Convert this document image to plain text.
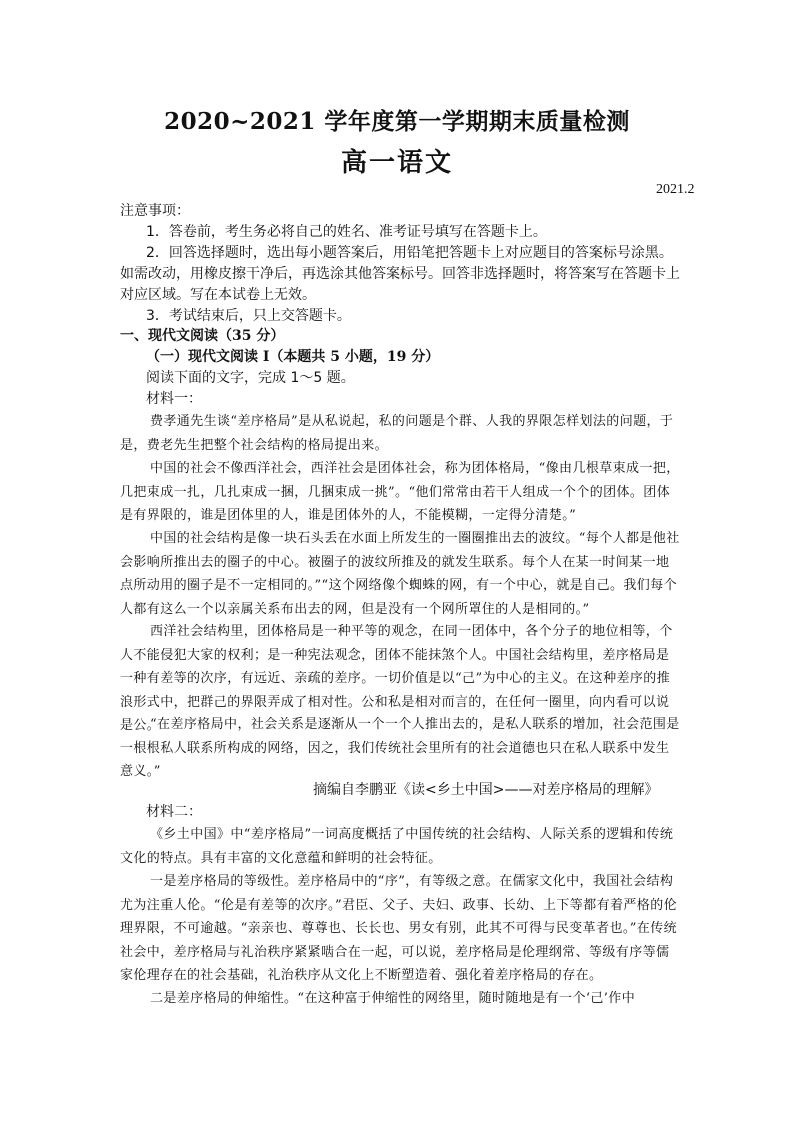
2020~2021 学年度第一学期期末质量检测
高一语文
2021.2
注意事项：

1．答卷前，考生务必将自己的姓名、准考证号填写在答题卡上。

2．回答选择题时，选出每小题答案后，用铅笔把答题卡上对应题目的答案标号涂黑。如需改动，用橡皮擦干净后，再选涂其他答案标号。回答非选择题时，将答案写在答题卡上对应区域。写在本试卷上无效。

3．考试结束后，只上交答题卡。

一、现代文阅读（35 分）
（一）现代文阅读 I（本题共 5 小题，19 分）
阅读下面的文字，完成 1～5 题。
材料一：

费孝通先生谈“差序格局”是从私说起，私的问题是个群、人我的界限怎样划法的问题，于是，费老先生把整个社会结构的格局提出来。

中国的社会不像西洋社会，西洋社会是团体社会，称为团体格局，“像由几根草束成一把，几把束成一扎，几扎束成一捆，几捆束成一挑”。“他们常常由若干人组成一个个的团体。团体是有界限的，谁是团体里的人，谁是团体外的人，不能模糊，一定得分清楚。”

中国的社会结构是像一块石头丢在水面上所发生的一圈圈推出去的波纹。“每个人都是他社会影响所推出去的圈子的中心。被圈子的波纹所推及的就发生联系。每个人在某一时间某一地点所动用的圈子是不一定相同的。”“这个网络像个蜘蛛的网，有一个中心，就是自己。我们每个人都有这么一个以亲属关系布出去的网，但是没有一个网所罩住的人是相同的。”

西洋社会结构里，团体格局是一种平等的观念，在同一团体中，各个分子的地位相等，个人不能侵犯大家的权利；是一种宪法观念，团体不能抹煞个人。中国社会结构里，差序格局是一种有差等的次序，有远近、亲疏的差序。一切价值是以“己”为中心的主义。在这种差序的推浪形式中，把群己的界限弄成了相对性。公和私是相对而言的，在任何一圈里，向内看可以说是公。

“在差序格局中，社会关系是逐渐从一个一个人推出去的，是私人联系的增加，社会范围是一根根私人联系所构成的网络，因之，我们传统社会里所有的社会道德也只在私人联系中发生意义。”

摘编自李鹏亚《读<乡土中国>——对差序格局的理解》
材料二：

《乡土中国》中“差序格局”一词高度概括了中国传统的社会结构、人际关系的逻辑和传统文化的特点。具有丰富的文化意蕴和鲜明的社会特征。

一是差序格局的等级性。差序格局中的“序”，有等级之意。在儒家文化中，我国社会结构尤为注重人伦。“伦是有差等的次序。”君臣、父子、夫妇、政事、长幼、上下等都有着严格的伦理界限，不可逾越。“亲亲也、尊尊也、长长也、男女有别，此其不可得与民变革者也。”在传统社会中，差序格局与礼治秩序紧紧啮合在一起，可以说，差序格局是伦理纲常、等级有序等儒家伦理存在的社会基础，礼治秩序从文化上不断塑造着、强化着差序格局的存在。

二是差序格局的伸缩性。“在这种富于伸缩性的网络里，随时随地是有一个‘己’作中
